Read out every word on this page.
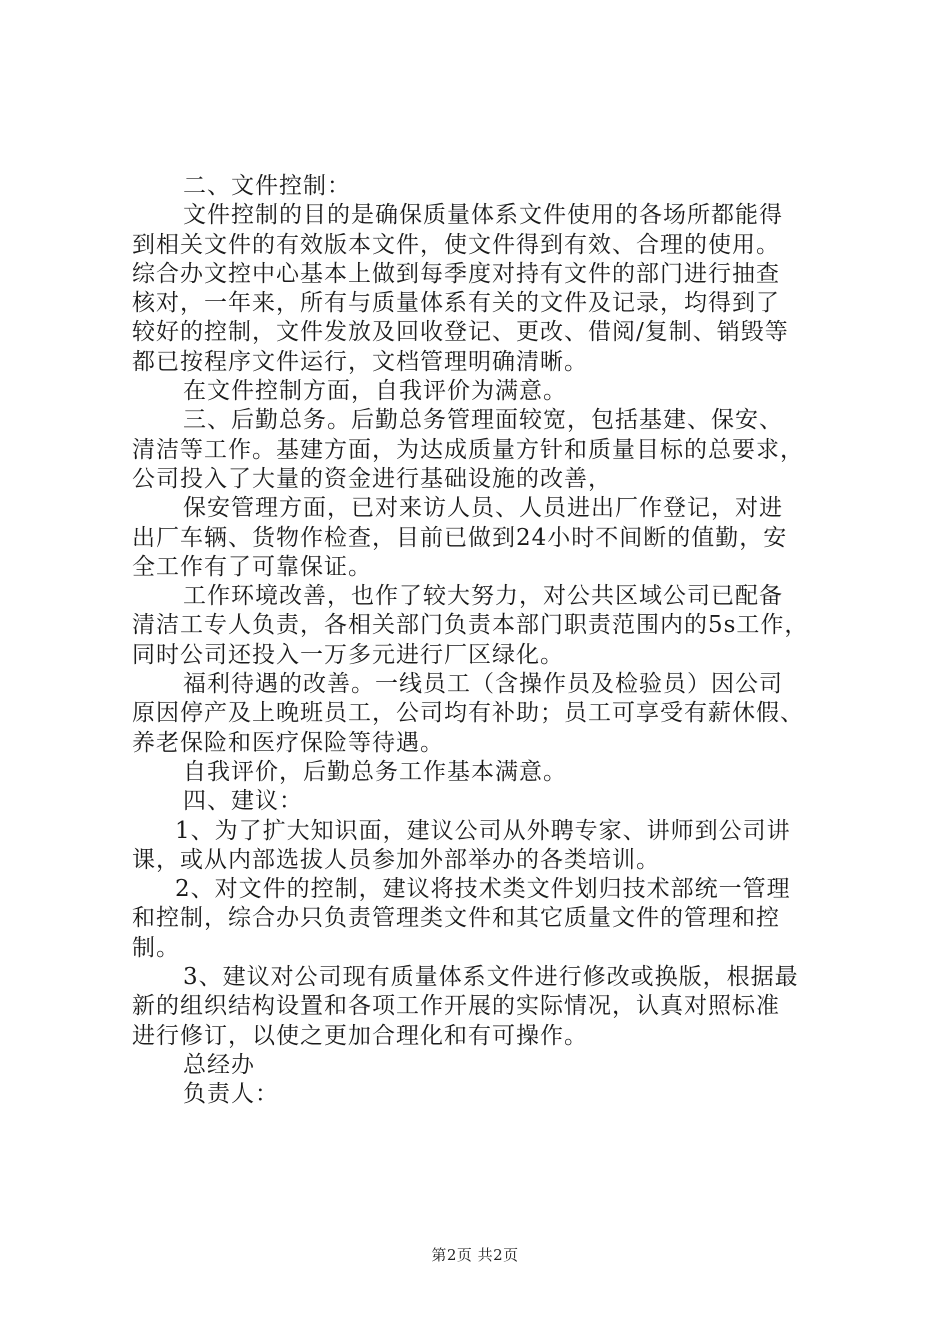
二、文件控制：
文件控制的目的是确保质量体系文件使用的各场所都能得
到相关文件的有效版本文件，使文件得到有效、合理的使用。
综合办文控中心基本上做到每季度对持有文件的部门进行抽查
核对，一年来，所有与质量体系有关的文件及记录，均得到了
较好的控制，文件发放及回收登记、更改、借阅/复制、销毁等
都已按程序文件运行，文档管理明确清晰。
在文件控制方面，自我评价为满意。
三、后勤总务。后勤总务管理面较宽，包括基建、保安、
清洁等工作。基建方面，为达成质量方针和质量目标的总要求，
公司投入了大量的资金进行基础设施的改善，
保安管理方面，已对来访人员、人员进出厂作登记，对进
出厂车辆、货物作检查，目前已做到24小时不间断的值勤，安
全工作有了可靠保证。
工作环境改善，也作了较大努力，对公共区域公司已配备
清洁工专人负责，各相关部门负责本部门职责范围内的5s工作，
同时公司还投入一万多元进行厂区绿化。
福利待遇的改善。一线员工（含操作员及检验员）因公司
原因停产及上晚班员工，公司均有补助；员工可享受有薪休假、
养老保险和医疗保险等待遇。
自我评价，后勤总务工作基本满意。
四、建议：
1、为了扩大知识面，建议公司从外聘专家、讲师到公司讲
课，或从内部选拔人员参加外部举办的各类培训。
2、对文件的控制，建议将技术类文件划归技术部统一管理
和控制，综合办只负责管理类文件和其它质量文件的管理和控
制。
3、建议对公司现有质量体系文件进行修改或换版，根据最
新的组织结构设置和各项工作开展的实际情况，认真对照标准
进行修订，以使之更加合理化和有可操作。
总经办
负责人：
第2页 共2页
